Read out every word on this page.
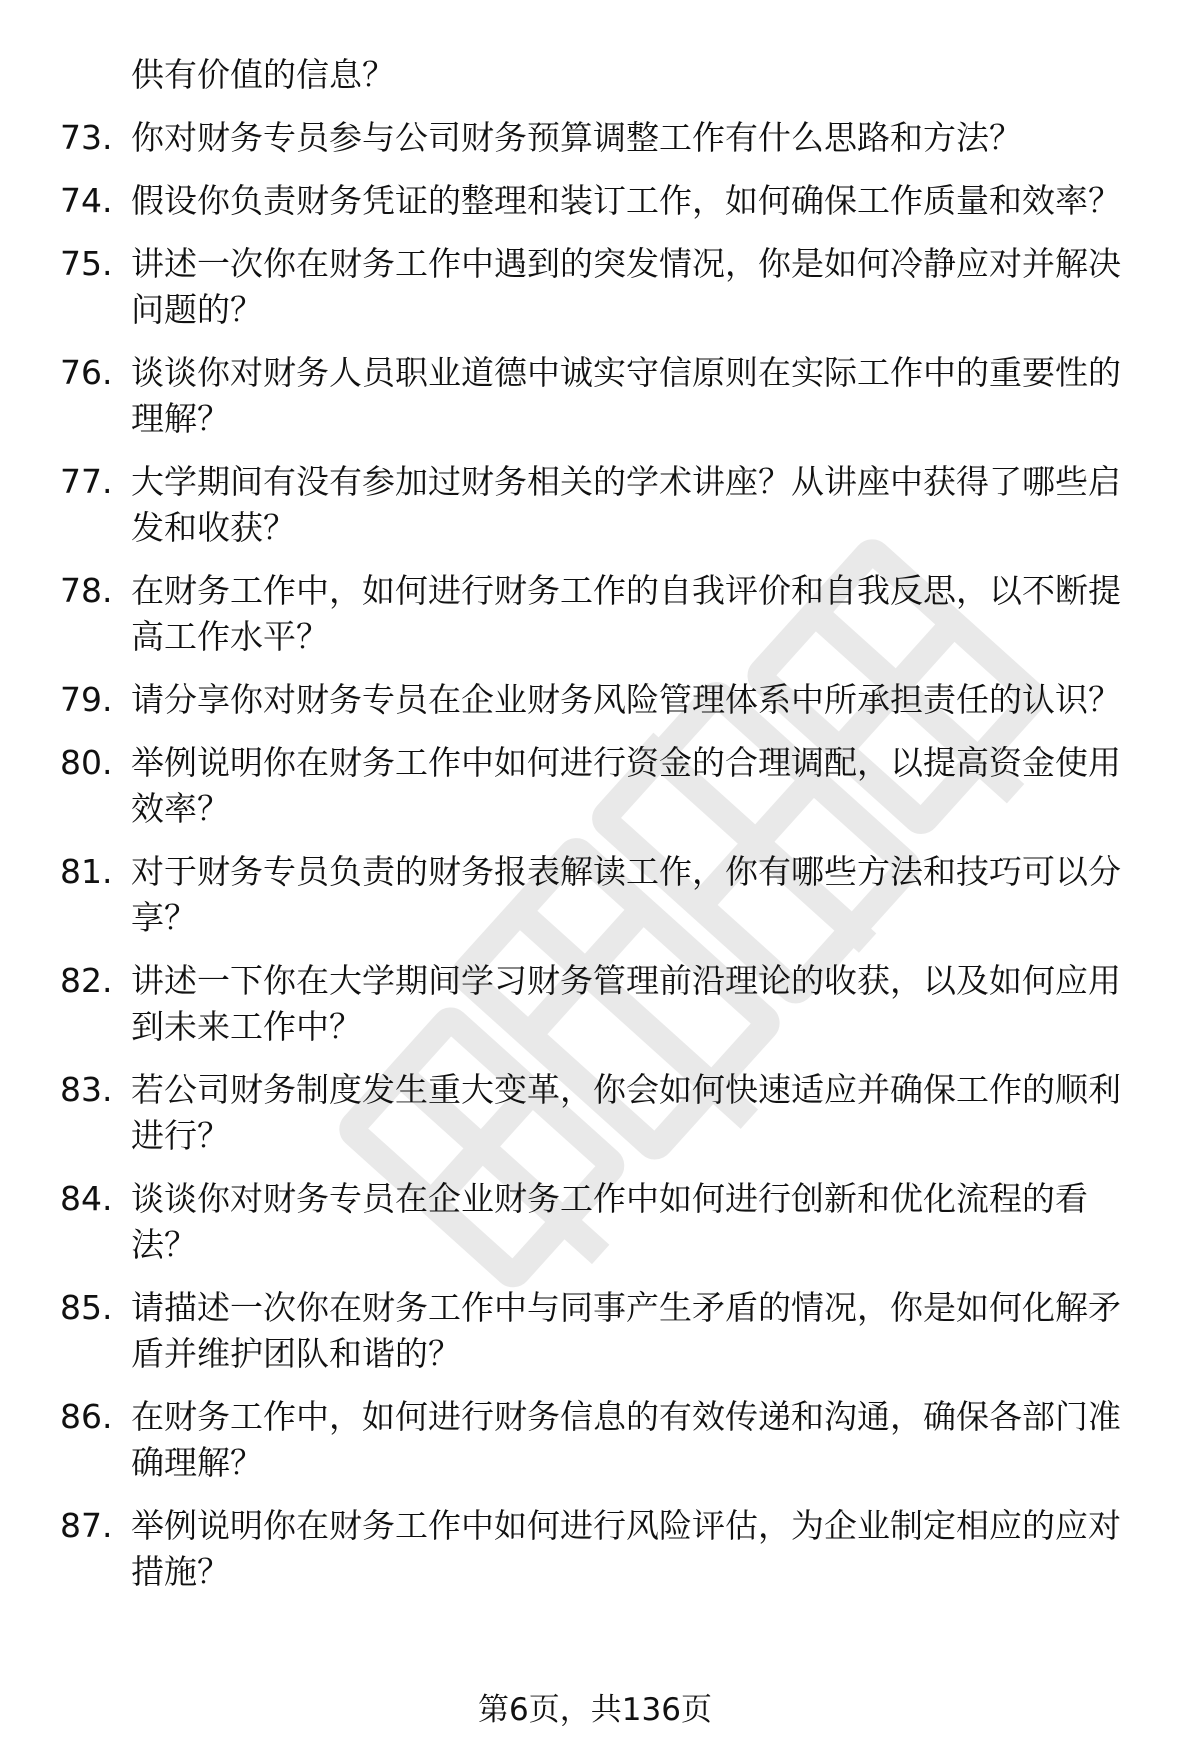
供有价值的信息？

73. 你对财务专员参与公司财务预算调整工作有什么思路和方法？
74. 假设你负责财务凭证的整理和装订工作，如何确保工作质量和效率？
75. 讲述一次你在财务工作中遇到的突发情况，你是如何冷静应对并解决问题的？
76. 谈谈你对财务人员职业道德中诚实守信原则在实际工作中的重要性的理解？
77. 大学期间有没有参加过财务相关的学术讲座？从讲座中获得了哪些启发和收获？
78. 在财务工作中，如何进行财务工作的自我评价和自我反思，以不断提高工作水平？
79. 请分享你对财务专员在企业财务风险管理体系中所承担责任的认识？
80. 举例说明你在财务工作中如何进行资金的合理调配，以提高资金使用效率？
81. 对于财务专员负责的财务报表解读工作，你有哪些方法和技巧可以分享？
82. 讲述一下你在大学期间学习财务管理前沿理论的收获，以及如何应用到未来工作中？
83. 若公司财务制度发生重大变革，你会如何快速适应并确保工作的顺利进行？
84. 谈谈你对财务专员在企业财务工作中如何进行创新和优化流程的看法？
85. 请描述一次你在财务工作中与同事产生矛盾的情况，你是如何化解矛盾并维护团队和谐的？
86. 在财务工作中，如何进行财务信息的有效传递和沟通，确保各部门准确理解？
87. 举例说明你在财务工作中如何进行风险评估，为企业制定相应的应对措施？
第6页，共136页
